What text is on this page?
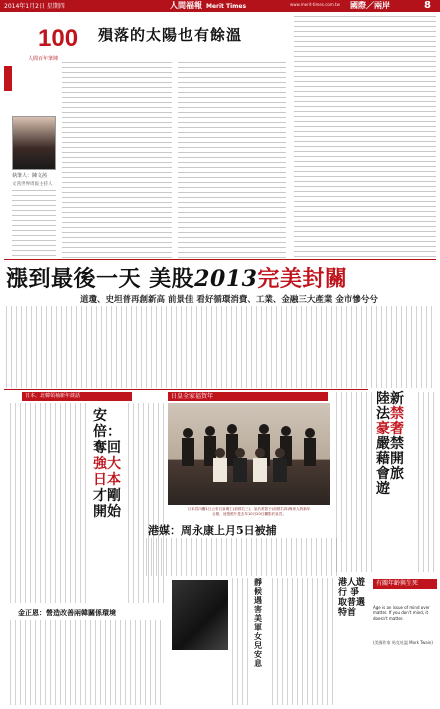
2014年1月2日 星期四	人間福報 Merit Times	www.merit-times.com.tw 國際／兩岸	8
100
人間百年筆陣
殞落的太陽也有餘溫
執筆人：陳文茜
文茜世界周報主持人
漲到最後一天 美股2013完美封關
道瓊、史坦普再創新高 前景佳 看好循環消費、工業、金融三大產業 金市慘兮兮
日本、北韓領袖新年談話
安倍：奪回強大日本才剛開始
日皇全家福賀年
日本宮內廳1日公布日皇明仁(前排右三)、皇后美智子(前排右四)與家人的新年
合照，這張照片是去年10月20日攝影於皇宮。
港媒：周永康上月5日被捕
金正恩：營造改善兩韓關係環境
陸新法禁豪奢嚴禁藉開會旅遊
靜候遇害美軍女兒安息
港人遊行 爭取普選特首
有關年齡與生死
Age is an issue of mind over matter. If you don't mind, it doesn't matter.
(美國作家 馬克吐溫 Mark Twain)
